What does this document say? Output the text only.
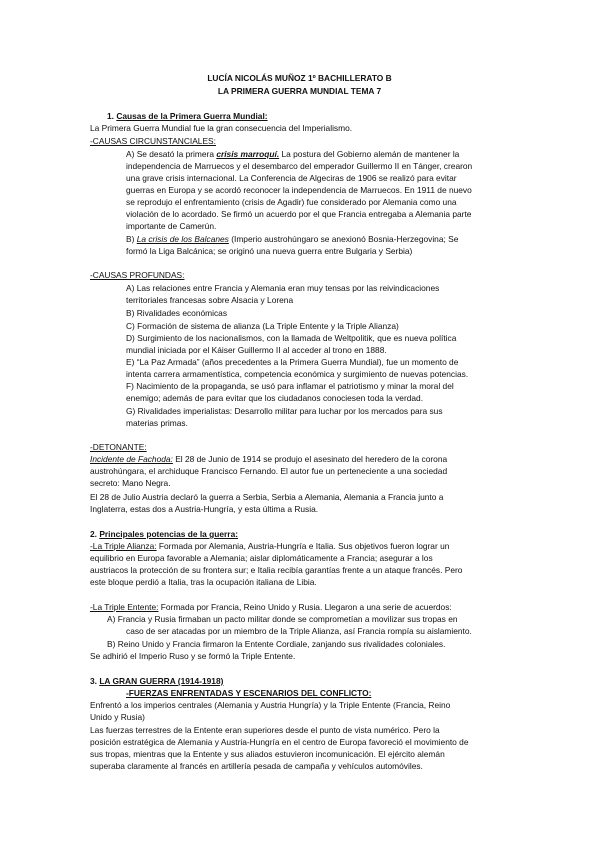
LUCÍA NICOLÁS MUÑOZ 1º BACHILLERATO B
LA PRIMERA GUERRA MUNDIAL TEMA 7
1. Causas de la Primera Guerra Mundial:
La Primera Guerra Mundial fue la gran consecuencia del Imperialismo.
-CAUSAS CIRCUNSTANCIALES:
A) Se desató la primera crisis marroquí. La postura del Gobierno alemán de mantener la
independencia de Marruecos y el desembarco del emperador Guillermo II en Tánger, crearon
una grave crisis internacional. La Conferencia de Algeciras de 1906 se realizó para evitar
guerras en Europa y se acordó reconocer la independencia de Marruecos. En 1911 de nuevo
se reprodujo el enfrentamiento (crisis de Agadir) fue considerado por Alemania como una
violación de lo acordado. Se firmó un acuerdo por el que Francia entregaba a Alemania parte
importante de Camerún.
B) La crisis de los Balcanes (Imperio austrohúngaro se anexionó Bosnia-Herzegovina; Se
formó la Liga Balcánica; se originó una nueva guerra entre Bulgaria y Serbia)
-CAUSAS PROFUNDAS:
A) Las relaciones entre Francia y Alemania eran muy tensas por las reivindicaciones
territoriales francesas sobre Alsacia y Lorena
B) Rivalidades económicas
C) Formación de sistema de alianza (La Triple Entente y la Triple Alianza)
D) Surgimiento de los nacionalismos, con la llamada de Weltpolitik, que es nueva política
mundial iniciada por el Káiser Guillermo II al acceder al trono en 1888.
E) “La Paz Armada” (años precedentes a la Primera Guerra Mundial), fue un momento de
intenta carrera armamentística, competencia económica y surgimiento de nuevas potencias.
F) Nacimiento de la propaganda, se usó para inflamar el patriotismo y minar la moral del
enemigo; además de para evitar que los ciudadanos conociesen toda la verdad.
G) Rivalidades imperialistas: Desarrollo militar para luchar por los mercados para sus
materias primas.
-DETONANTE:
Incidente de Fachoda: El 28 de Junio de 1914 se produjo el asesinato del heredero de la corona
austrohúngara, el archiduque Francisco Fernando. El autor fue un perteneciente a una sociedad
secreto: Mano Negra.
El 28 de Julio Austria declaró la guerra a Serbia, Serbia a Alemania, Alemania a Francia junto a
Inglaterra, estas dos a Austria-Hungría, y esta última a Rusia.
2. Principales potencias de la guerra:
-La Triple Alianza: Formada por Alemania, Austria-Hungría e Italia. Sus objetivos fueron lograr un
equilibrio en Europa favorable a Alemania; aislar diplomáticamente a Francia; asegurar a los
austriacos la protección de su frontera sur; e Italia recibía garantías frente a un ataque francés. Pero
este bloque perdió a Italia, tras la ocupación italiana de Libia.
-La Triple Entente: Formada por Francia, Reino Unido y Rusia. Llegaron a una serie de acuerdos:
A) Francia y Rusia firmaban un pacto militar donde se comprometían a movilizar sus tropas en
caso de ser atacadas por un miembro de la Triple Alianza, así Francia rompía su aislamiento.
B) Reino Unido y Francia firmaron la Entente Cordiale, zanjando sus rivalidades coloniales.
Se adhirió el Imperio Ruso y se formó la Triple Entente.
3. LA GRAN GUERRA (1914-1918)
-FUERZAS ENFRENTADAS Y ESCENARIOS DEL CONFLICTO:
Enfrentó a los imperios centrales (Alemania y Austria Hungría) y la Triple Entente (Francia, Reino
Unido y Rusia)
Las fuerzas terrestres de la Entente eran superiores desde el punto de vista numérico. Pero la
posición estratégica de Alemania y Austria-Hungría en el centro de Europa favoreció el movimiento de
sus tropas, mientras que la Entente y sus aliados estuvieron incomunicación. El ejército alemán
superaba claramente al francés en artillería pesada de campaña y vehículos automóviles.
